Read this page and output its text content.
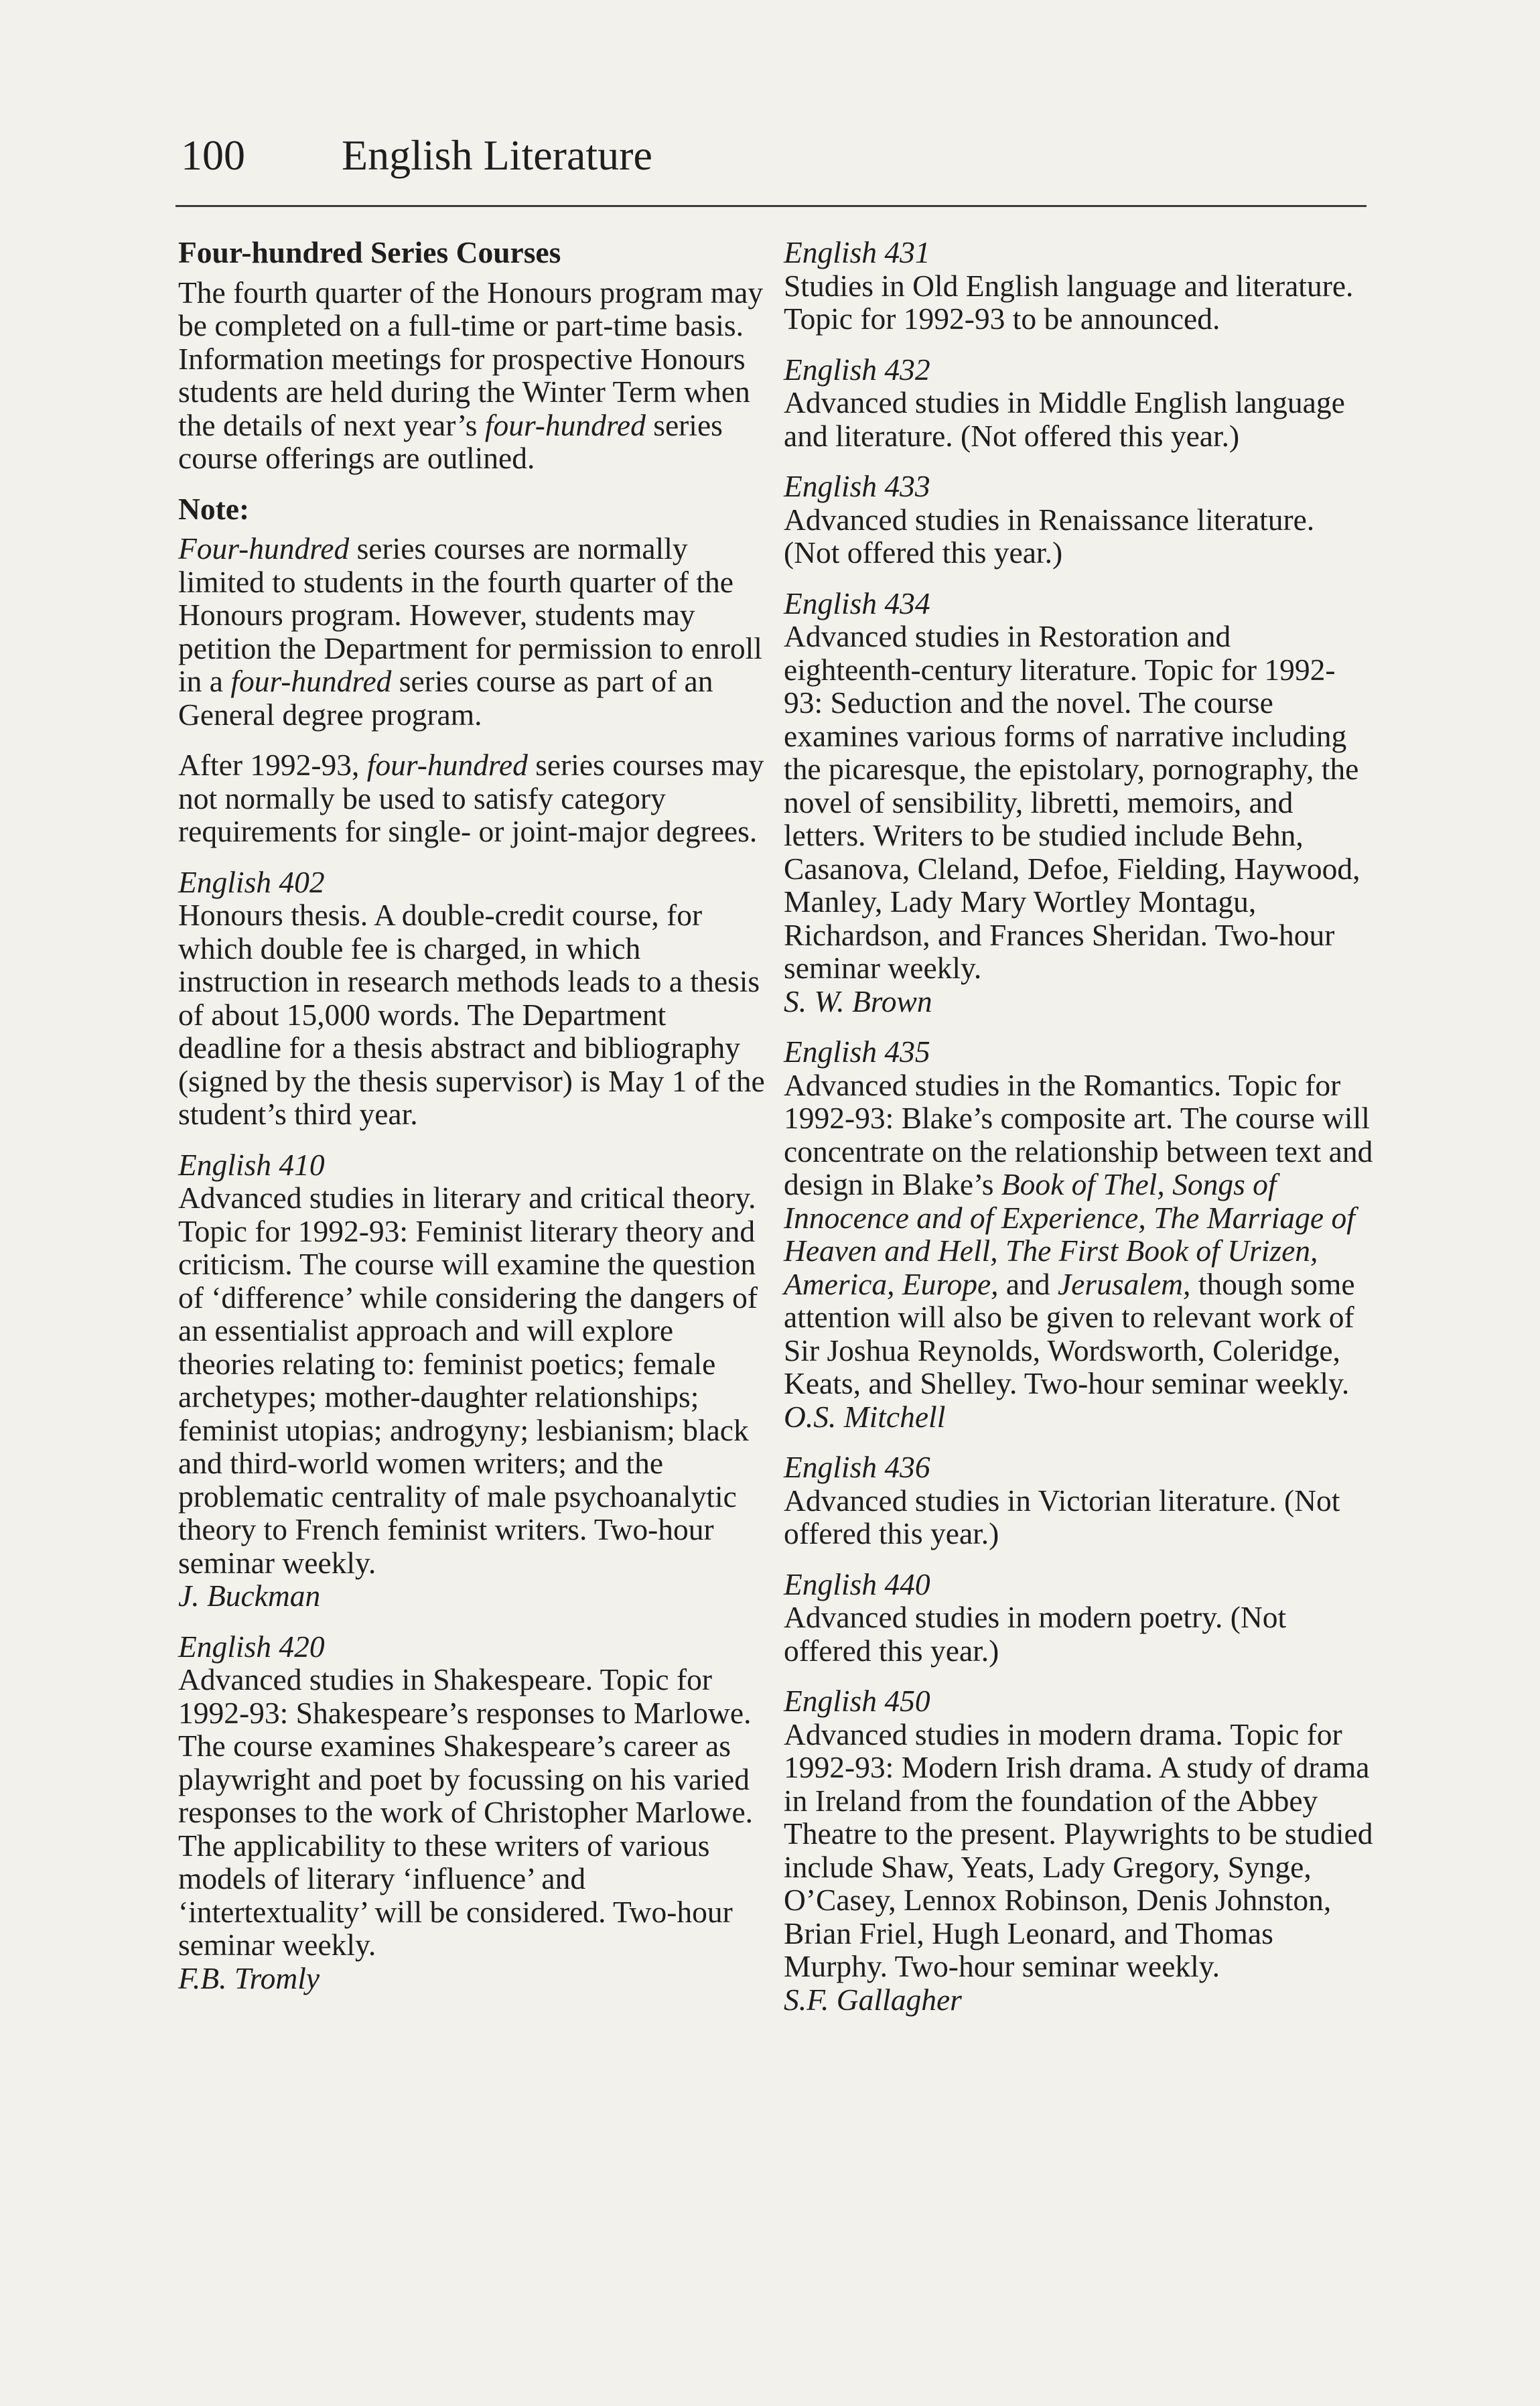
100 English Literature
Four-hundred Series Courses
The fourth quarter of the Honours program may be completed on a full-time or part-time basis. Information meetings for prospective Honours students are held during the Winter Term when the details of next year’s four-hundred series course offerings are outlined.
Note:
Four-hundred series courses are normally limited to students in the fourth quarter of the Honours program. However, students may petition the Department for permission to enroll in a four-hundred series course as part of an General degree program.
After 1992-93, four-hundred series courses may not normally be used to satisfy category requirements for single- or joint-major degrees.
English 402
Honours thesis. A double-credit course, for which double fee is charged, in which instruction in research methods leads to a thesis of about 15,000 words. The Department deadline for a thesis abstract and bibliography (signed by the thesis supervisor) is May 1 of the student’s third year.
English 410
Advanced studies in literary and critical theory. Topic for 1992-93: Feminist literary theory and criticism. The course will examine the question of ‘difference’ while considering the dangers of an essentialist approach and will explore theories relating to: feminist poetics; female archetypes; mother-daughter relationships; feminist utopias; androgyny; lesbianism; black and third-world women writers; and the problematic centrality of male psychoanalytic theory to French feminist writers. Two-hour seminar weekly.
J. Buckman
English 420
Advanced studies in Shakespeare. Topic for 1992-93: Shakespeare’s responses to Marlowe. The course examines Shakespeare’s career as playwright and poet by focussing on his varied responses to the work of Christopher Marlowe. The applicability to these writers of various models of literary ‘influence’ and ‘intertextuality’ will be considered. Two-hour seminar weekly.
F.B. Tromly
English 431
Studies in Old English language and literature. Topic for 1992-93 to be announced.
English 432
Advanced studies in Middle English language and literature. (Not offered this year.)
English 433
Advanced studies in Renaissance literature. (Not offered this year.)
English 434
Advanced studies in Restoration and eighteenth-century literature. Topic for 1992-93: Seduction and the novel. The course examines various forms of narrative including the picaresque, the epistolary, pornography, the novel of sensibility, libretti, memoirs, and letters. Writers to be studied include Behn, Casanova, Cleland, Defoe, Fielding, Haywood, Manley, Lady Mary Wortley Montagu, Richardson, and Frances Sheridan. Two-hour seminar weekly.
S. W. Brown
English 435
Advanced studies in the Romantics. Topic for 1992-93: Blake’s composite art. The course will concentrate on the relationship between text and design in Blake’s Book of Thel, Songs of Innocence and of Experience, The Marriage of Heaven and Hell, The First Book of Urizen, America, Europe, and Jerusalem, though some attention will also be given to relevant work of Sir Joshua Reynolds, Wordsworth, Coleridge, Keats, and Shelley. Two-hour seminar weekly.
O.S. Mitchell
English 436
Advanced studies in Victorian literature. (Not offered this year.)
English 440
Advanced studies in modern poetry. (Not offered this year.)
English 450
Advanced studies in modern drama. Topic for 1992-93: Modern Irish drama. A study of drama in Ireland from the foundation of the Abbey Theatre to the present. Playwrights to be studied include Shaw, Yeats, Lady Gregory, Synge, O’Casey, Lennox Robinson, Denis Johnston, Brian Friel, Hugh Leonard, and Thomas Murphy. Two-hour seminar weekly.
S.F. Gallagher
